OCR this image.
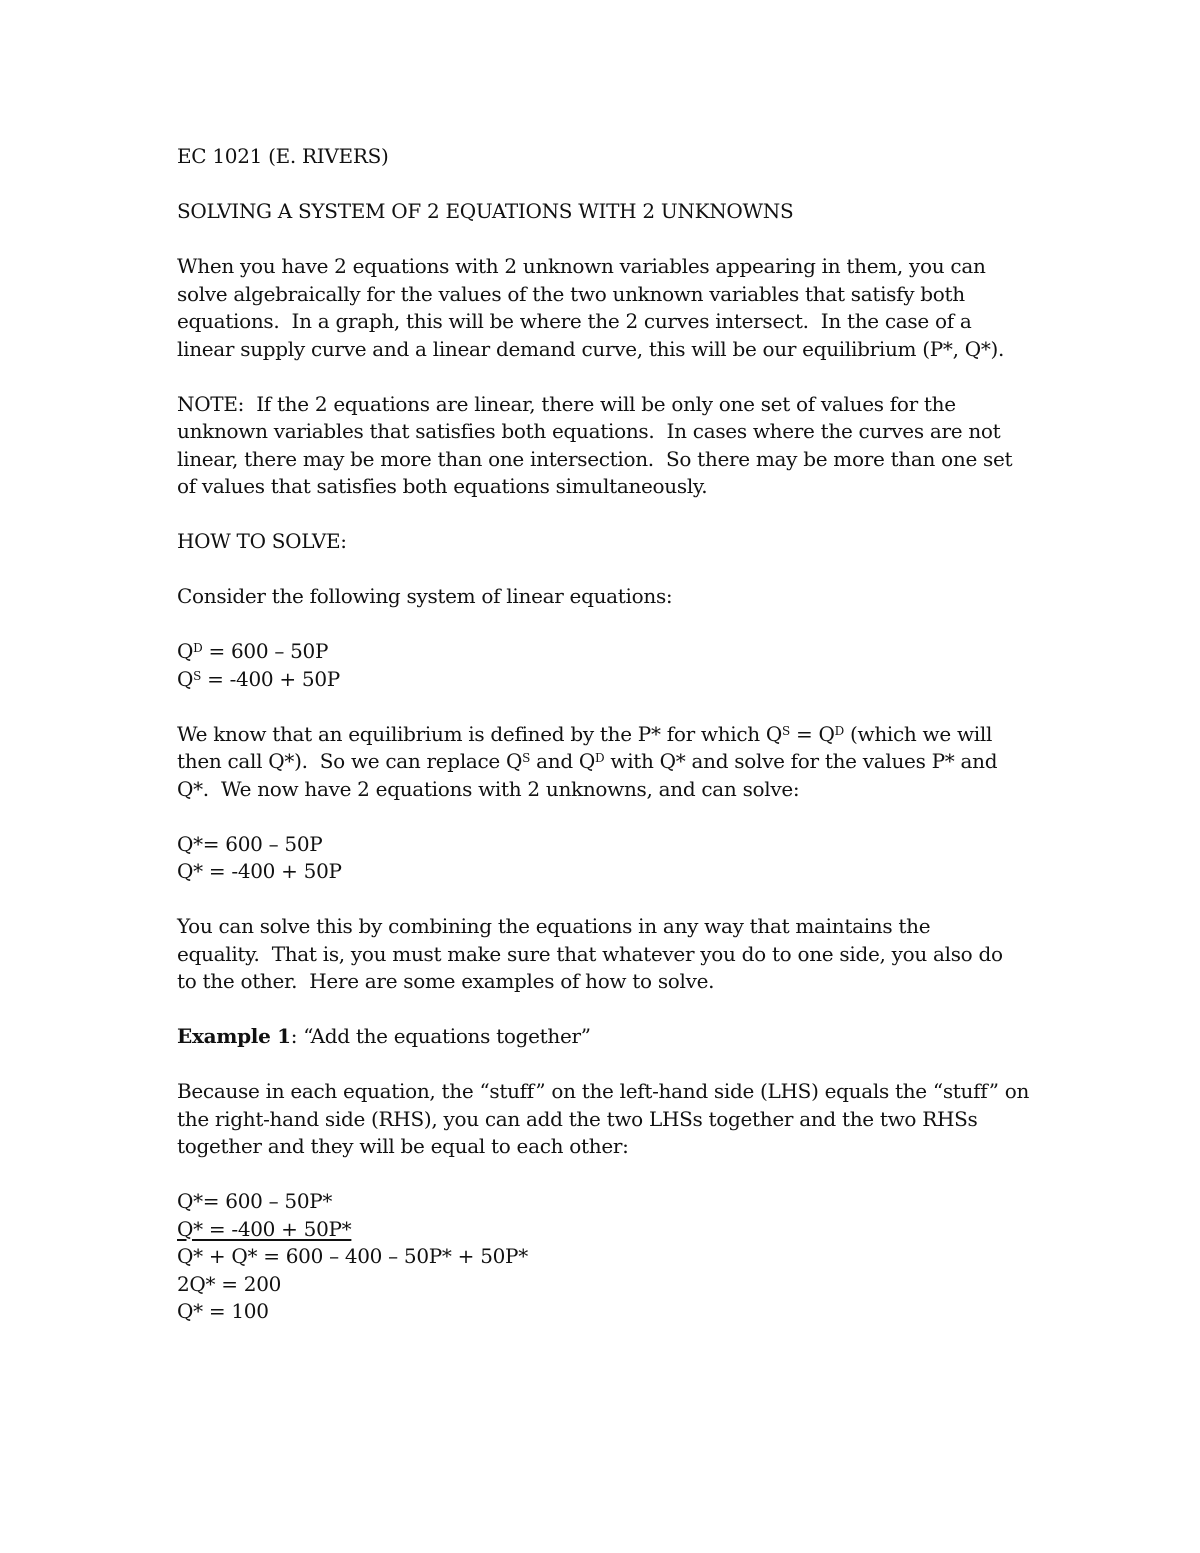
EC 1021 (E. RIVERS)
SOLVING A SYSTEM OF 2 EQUATIONS WITH 2 UNKNOWNS
When you have 2 equations with 2 unknown variables appearing in them, you can
solve algebraically for the values of the two unknown variables that satisfy both
equations.  In a graph, this will be where the 2 curves intersect.  In the case of a
linear supply curve and a linear demand curve, this will be our equilibrium (P*, Q*).
NOTE:  If the 2 equations are linear, there will be only one set of values for the
unknown variables that satisfies both equations.  In cases where the curves are not
linear, there may be more than one intersection.  So there may be more than one set
of values that satisfies both equations simultaneously.
HOW TO SOLVE:
Consider the following system of linear equations:
$Q^D = 600 - 50P$
$Q^S = -400 + 50P$
We know that an equilibrium is defined by the P* for which $Q^S = Q^D$ (which we will
then call Q*).  So we can replace $Q^S$ and $Q^D$ with Q* and solve for the values P* and
Q*.  We now have 2 equations with 2 unknowns, and can solve:
Q*= 600 – 50P
Q* = -400 + 50P
You can solve this by combining the equations in any way that maintains the
equality.  That is, you must make sure that whatever you do to one side, you also do
to the other.  Here are some examples of how to solve.
Example 1: “Add the equations together”
Because in each equation, the “stuff” on the left-hand side (LHS) equals the “stuff” on
the right-hand side (RHS), you can add the two LHSs together and the two RHSs
together and they will be equal to each other:
Q*= 600 – 50P*
Q* = -400 + 50P*
Q* + Q* = 600 – 400 – 50P* + 50P*
2Q* = 200
Q* = 100
